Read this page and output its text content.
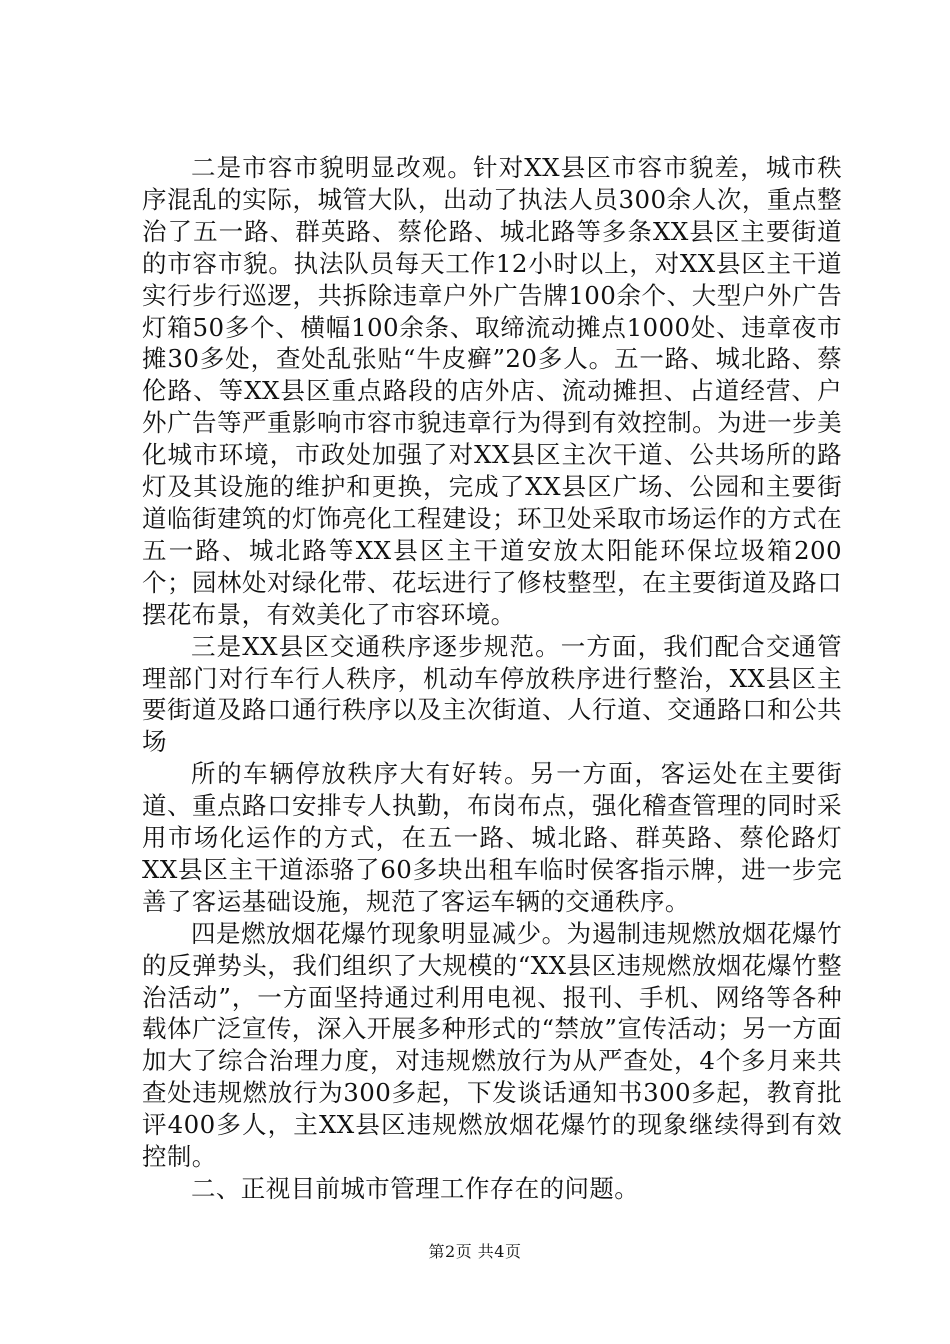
二是市容市貌明显改观。针对XX县区市容市貌差，城市秩序混乱的实际，城管大队，出动了执法人员300余人次，重点整治了五一路、群英路、蔡伦路、城北路等多条XX县区主要街道的市容市貌。执法队员每天工作12小时以上，对XX县区主干道实行步行巡逻，共拆除违章户外广告牌100余个、大型户外广告灯箱50多个、横幅100余条、取缔流动摊点1000处、违章夜市摊30多处，查处乱张贴“牛皮癣”20多人。五一路、城北路、蔡伦路、等XX县区重点路段的店外店、流动摊担、占道经营、户外广告等严重影响市容市貌违章行为得到有效控制。为进一步美化城市环境，市政处加强了对XX县区主次干道、公共场所的路灯及其设施的维护和更换，完成了XX县区广场、公园和主要街道临街建筑的灯饰亮化工程建设；环卫处采取市场运作的方式在五一路、城北路等XX县区主干道安放太阳能环保垃圾箱200个；园林处对绿化带、花坛进行了修枝整型，在主要街道及路口摆花布景，有效美化了市容环境。

三是XX县区交通秩序逐步规范。一方面，我们配合交通管理部门对行车行人秩序，机动车停放秩序进行整治，XX县区主要街道及路口通行秩序以及主次街道、人行道、交通路口和公共场

所的车辆停放秩序大有好转。另一方面，客运处在主要街道、重点路口安排专人执勤，布岗布点，强化稽查管理的同时采用市场化运作的方式，在五一路、城北路、群英路、蔡伦路灯XX县区主干道添骆了60多块出租车临时侯客指示牌，进一步完善了客运基础设施，规范了客运车辆的交通秩序。

四是燃放烟花爆竹现象明显减少。为遏制违规燃放烟花爆竹的反弹势头，我们组织了大规模的“XX县区违规燃放烟花爆竹整治活动”，一方面坚持通过利用电视、报刊、手机、网络等各种载体广泛宣传，深入开展多种形式的“禁放”宣传活动；另一方面加大了综合治理力度，对违规燃放行为从严查处，4个多月来共查处违规燃放行为300多起，下发谈话通知书300多起，教育批评400多人，主XX县区违规燃放烟花爆竹的现象继续得到有效控制。

二、正视目前城市管理工作存在的问题。

第2页 共4页
